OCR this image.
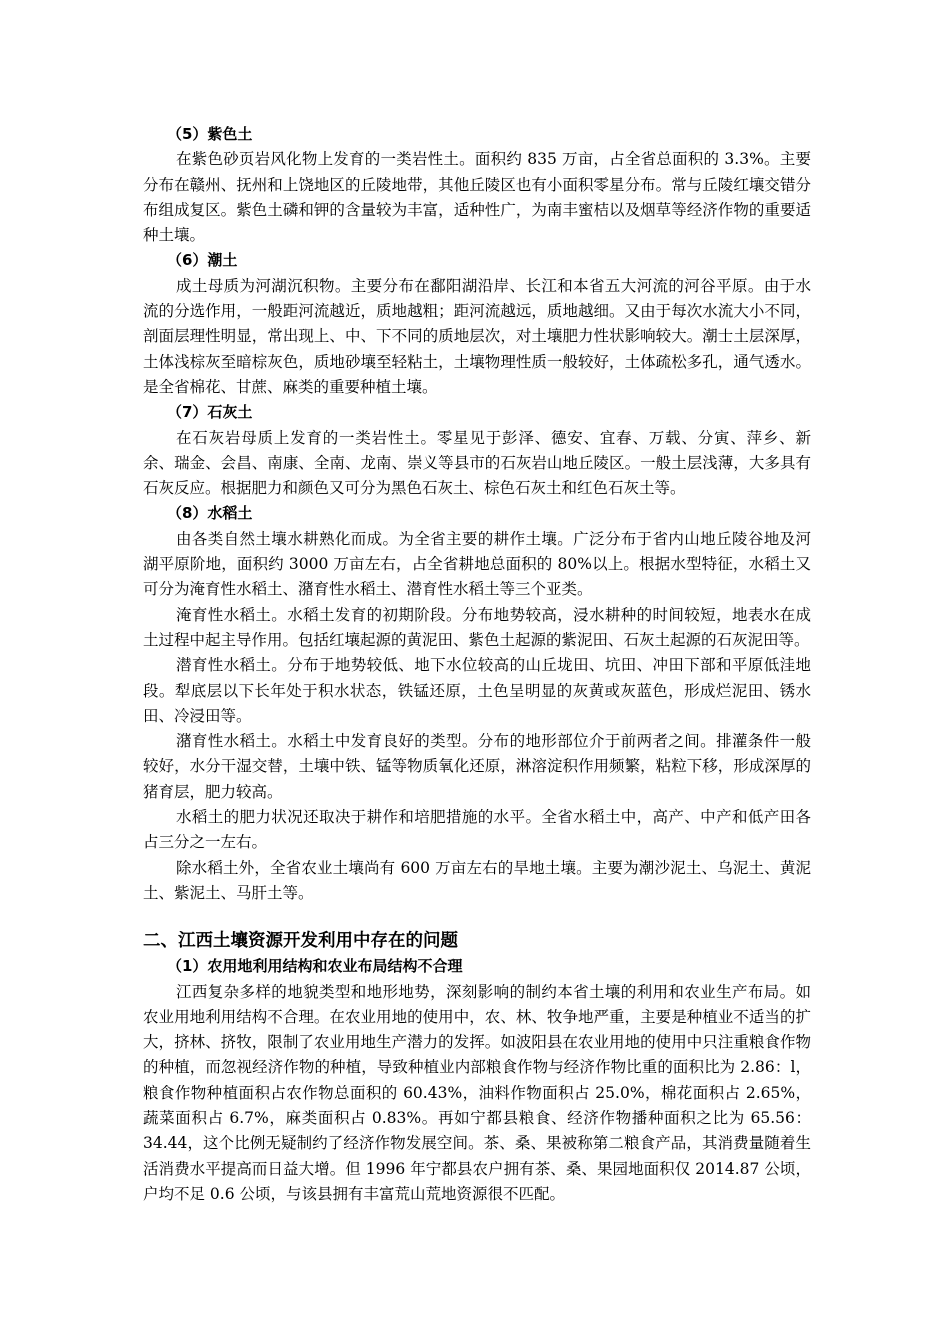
（5）紫色土

在紫色砂页岩风化物上发育的一类岩性土。面积约 835 万亩，占全省总面积的 3.3%。主要分布在赣州、抚州和上饶地区的丘陵地带，其他丘陵区也有小面积零星分布。常与丘陵红壤交错分布组成复区。紫色土磷和钾的含量较为丰富，适种性广，为南丰蜜桔以及烟草等经济作物的重要适种土壤。

（6）潮土

成土母质为河湖沉积物。主要分布在鄱阳湖沿岸、长江和本省五大河流的河谷平原。由于水流的分选作用，一般距河流越近，质地越粗；距河流越远，质地越细。又由于每次水流大小不同，剖面层理性明显，常出现上、中、下不同的质地层次，对土壤肥力性状影响较大。潮士土层深厚，土体浅棕灰至暗棕灰色，质地砂壤至轻粘土，土壤物理性质一般较好，土体疏松多孔，通气透水。是全省棉花、甘蔗、麻类的重要种植土壤。

（7）石灰土

在石灰岩母质上发育的一类岩性土。零星见于彭泽、德安、宜春、万载、分寅、萍乡、新余、瑞金、会昌、南康、全南、龙南、崇义等县市的石灰岩山地丘陵区。一般土层浅薄，大多具有石灰反应。根据肥力和颜色又可分为黑色石灰土、棕色石灰土和红色石灰土等。

（8）水稻土

由各类自然土壤水耕熟化而成。为全省主要的耕作土壤。广泛分布于省内山地丘陵谷地及河湖平原阶地，面积约 3000 万亩左右，占全省耕地总面积的 80%以上。根据水型特征，水稻土又可分为淹育性水稻土、潴育性水稻土、潜育性水稻土等三个亚类。

淹育性水稻土。水稻土发育的初期阶段。分布地势较高，浸水耕种的时间较短，地表水在成土过程中起主导作用。包括红壤起源的黄泥田、紫色土起源的紫泥田、石灰土起源的石灰泥田等。

潜育性水稻土。分布于地势较低、地下水位较高的山丘垅田、坑田、冲田下部和平原低洼地段。犁底层以下长年处于积水状态，铁锰还原，土色呈明显的灰黄或灰蓝色，形成烂泥田、锈水田、冷浸田等。

潴育性水稻土。水稻土中发育良好的类型。分布的地形部位介于前两者之间。排灌条件一般较好，水分干湿交替，土壤中铁、锰等物质氧化还原，淋溶淀积作用频繁，粘粒下移，形成深厚的猪育层，肥力较高。

水稻土的肥力状况还取决于耕作和培肥措施的水平。全省水稻土中，高产、中产和低产田各占三分之一左右。

除水稻土外，全省农业土壤尚有 600 万亩左右的旱地土壤。主要为潮沙泥土、乌泥土、黄泥土、紫泥土、马肝土等。

二、江西土壤资源开发利用中存在的问题

（1）农用地利用结构和农业布局结构不合理

江西复杂多样的地貌类型和地形地势，深刻影响的制约本省土壤的利用和农业生产布局。如农业用地利用结构不合理。在农业用地的使用中，农、林、牧争地严重，主要是种植业不适当的扩大，挤林、挤牧，限制了农业用地生产潜力的发挥。如波阳县在农业用地的使用中只注重粮食作物的种植，而忽视经济作物的种植，导致种植业内部粮食作物与经济作物比重的面积比为 2.86：l，粮食作物种植面积占农作物总面积的 60.43%，油料作物面积占 25.0%，棉花面积占 2.65%，蔬菜面积占 6.7%，麻类面积占 0.83%。再如宁都县粮食、经济作物播种面积之比为 65.56：34.44，这个比例无疑制约了经济作物发展空间。茶、桑、果被称第二粮食产品，其消费量随着生活消费水平提高而日益大增。但 1996 年宁都县农户拥有茶、桑、果园地面积仅 2014.87 公顷，户均不足 0.6 公顷，与该县拥有丰富荒山荒地资源很不匹配。
